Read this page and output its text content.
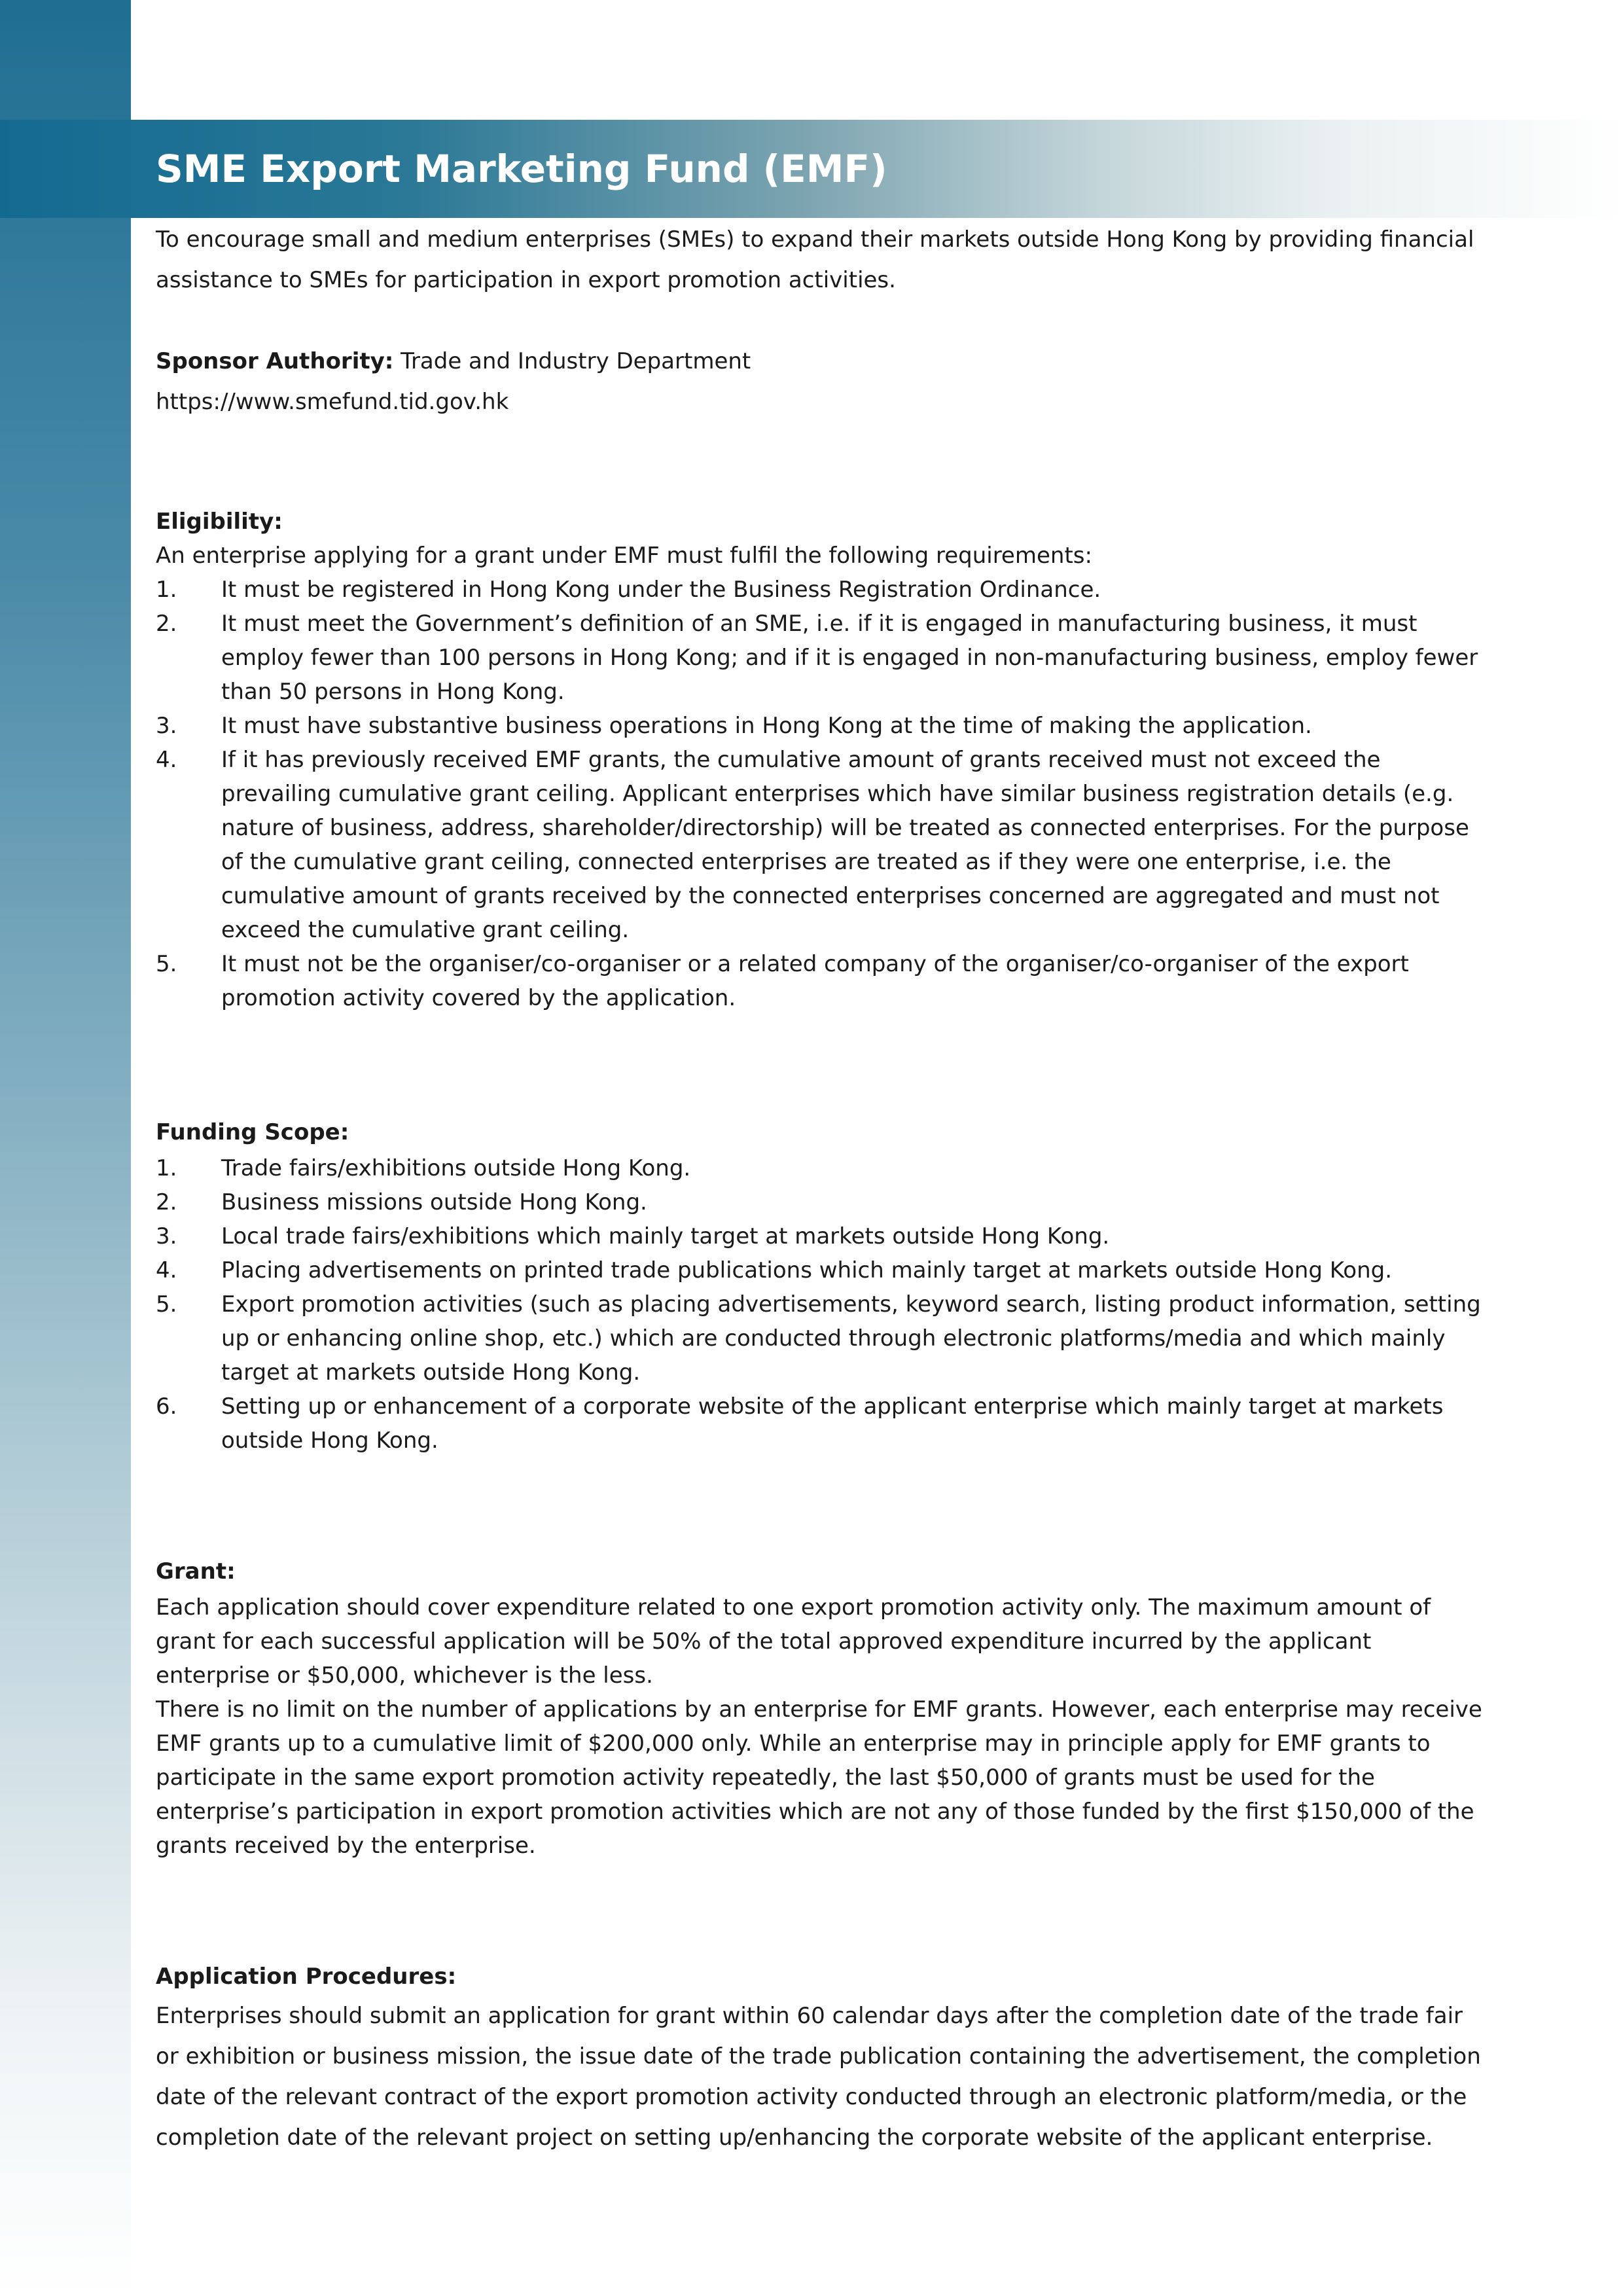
SME Export Marketing Fund (EMF)

To encourage small and medium enterprises (SMEs) to expand their markets outside Hong Kong by providing financial assistance to SMEs for participation in export promotion activities.

Sponsor Authority: Trade and Industry Department

https://www.smefund.tid.gov.hk

Eligibility:

An enterprise applying for a grant under EMF must fulfil the following requirements:

1. It must be registered in Hong Kong under the Business Registration Ordinance.
2. It must meet the Government’s definition of an SME, i.e. if it is engaged in manufacturing business, it must employ fewer than 100 persons in Hong Kong; and if it is engaged in non-manufacturing business, employ fewer than 50 persons in Hong Kong.
3. It must have substantive business operations in Hong Kong at the time of making the application.
4. If it has previously received EMF grants, the cumulative amount of grants received must not exceed the prevailing cumulative grant ceiling. Applicant enterprises which have similar business registration details (e.g. nature of business, address, shareholder/directorship) will be treated as connected enterprises. For the purpose of the cumulative grant ceiling, connected enterprises are treated as if they were one enterprise, i.e. the cumulative amount of grants received by the connected enterprises concerned are aggregated and must not exceed the cumulative grant ceiling.
5. It must not be the organiser/co-organiser or a related company of the organiser/co-organiser of the export promotion activity covered by the application.

Funding Scope:

1. Trade fairs/exhibitions outside Hong Kong.
2. Business missions outside Hong Kong.
3. Local trade fairs/exhibitions which mainly target at markets outside Hong Kong.
4. Placing advertisements on printed trade publications which mainly target at markets outside Hong Kong.
5. Export promotion activities (such as placing advertisements, keyword search, listing product information, setting up or enhancing online shop, etc.) which are conducted through electronic platforms/media and which mainly target at markets outside Hong Kong.
6. Setting up or enhancement of a corporate website of the applicant enterprise which mainly target at markets outside Hong Kong.

Grant:

Each application should cover expenditure related to one export promotion activity only. The maximum amount of grant for each successful application will be 50% of the total approved expenditure incurred by the applicant enterprise or $50,000, whichever is the less.

There is no limit on the number of applications by an enterprise for EMF grants. However, each enterprise may receive EMF grants up to a cumulative limit of $200,000 only. While an enterprise may in principle apply for EMF grants to participate in the same export promotion activity repeatedly, the last $50,000 of grants must be used for the enterprise’s participation in export promotion activities which are not any of those funded by the first $150,000 of the grants received by the enterprise.

Application Procedures:

Enterprises should submit an application for grant within 60 calendar days after the completion date of the trade fair or exhibition or business mission, the issue date of the trade publication containing the advertisement, the completion date of the relevant contract of the export promotion activity conducted through an electronic platform/media, or the completion date of the relevant project on setting up/enhancing the corporate website of the applicant enterprise.
